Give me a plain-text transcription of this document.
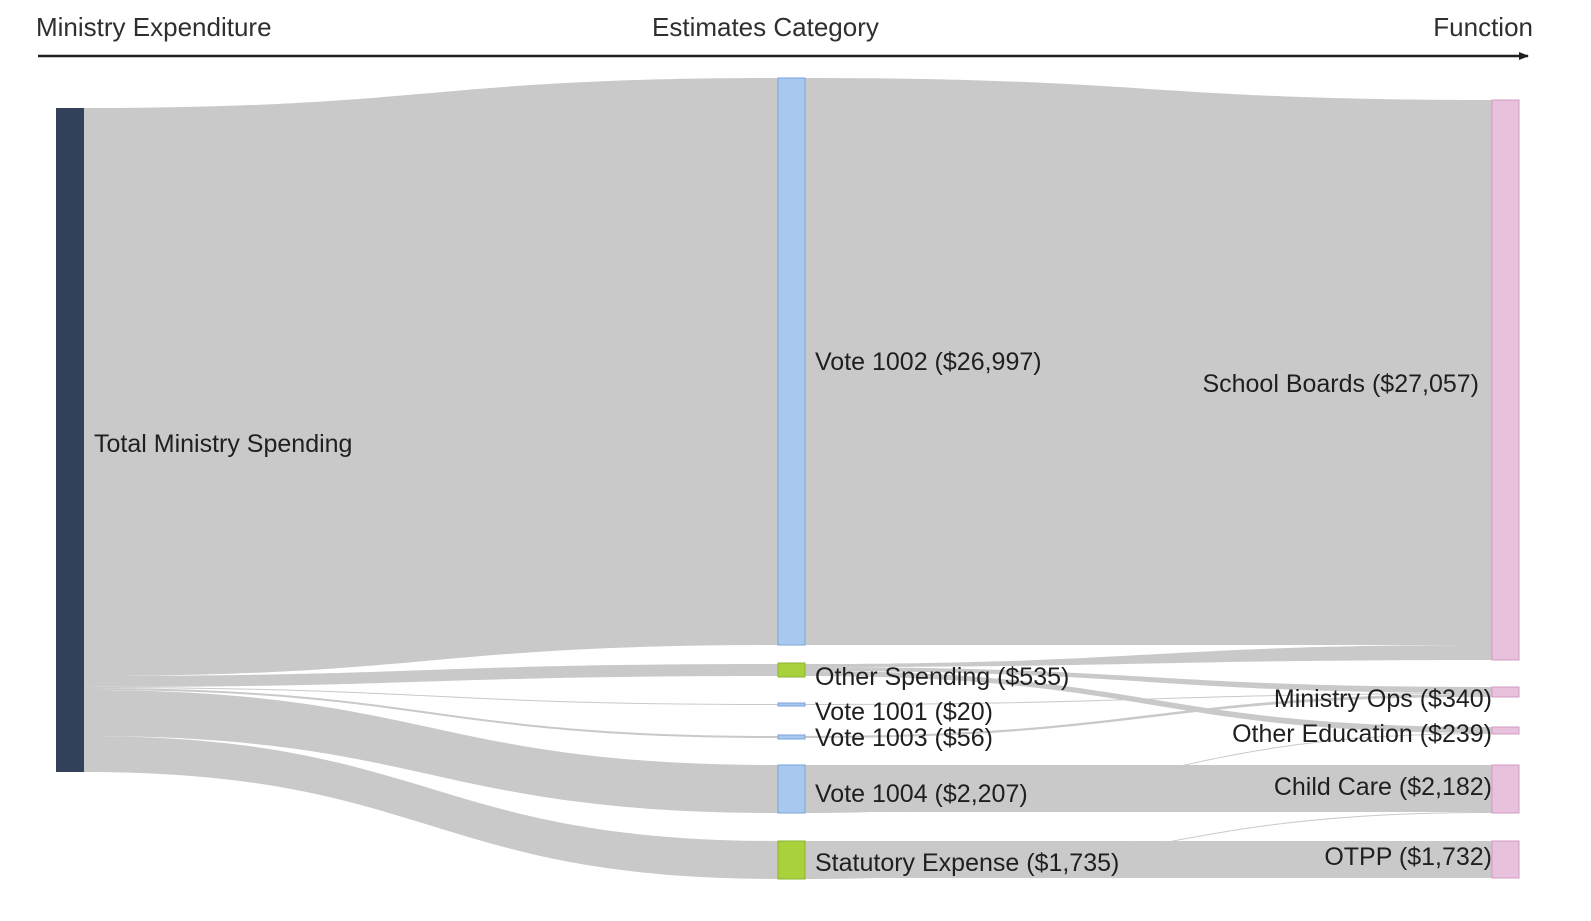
Ministry Expenditure	Estimates Category	Function
Total Ministry Spending
Vote 1002 ($26,997)
Other Spending ($535)
Vote 1001 ($20)
Vote 1003 ($56)
Vote 1004 ($2,207)
Statutory Expense ($1,735)
School Boards ($27,057)
Ministry Ops ($340)
Other Education ($239)
Child Care ($2,182)
OTPP ($1,732)
